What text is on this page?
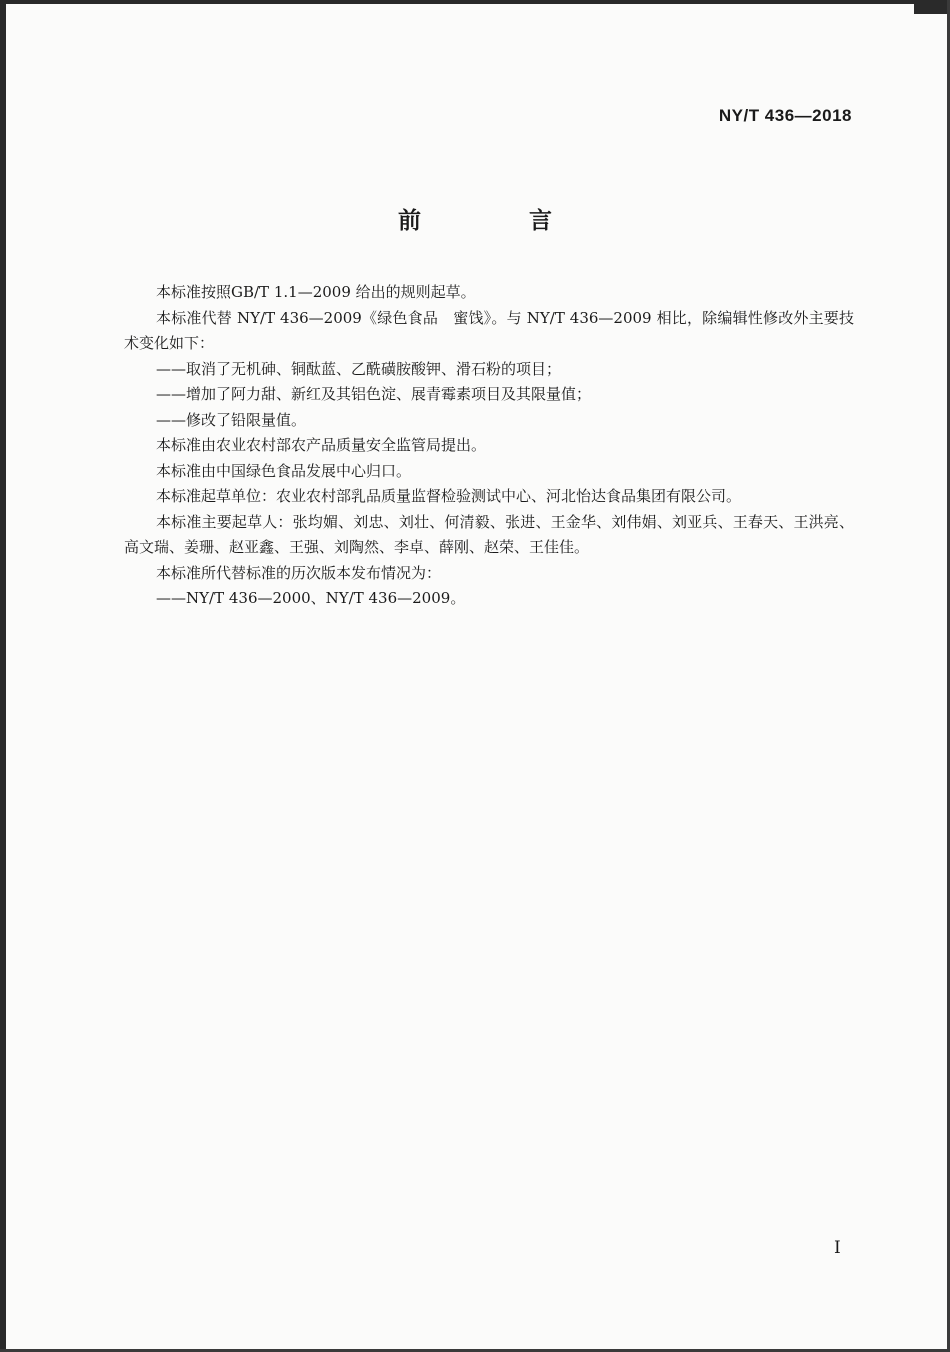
NY/T 436—2018
前 言

本标准按照GB/T 1.1—2009 给出的规则起草。

本标准代替 NY/T 436—2009《绿色食品　蜜饯》。与 NY/T 436—2009 相比，除编辑性修改外主要技术变化如下：

——取消了无机砷、铜酞蓝、乙酰磺胺酸钾、滑石粉的项目；

——增加了阿力甜、新红及其铝色淀、展青霉素项目及其限量值；

——修改了铅限量值。

本标准由农业农村部农产品质量安全监管局提出。

本标准由中国绿色食品发展中心归口。

本标准起草单位：农业农村部乳品质量监督检验测试中心、河北怡达食品集团有限公司。

本标准主要起草人：张均媚、刘忠、刘壮、何清毅、张进、王金华、刘伟娟、刘亚兵、王春天、王洪亮、高文瑞、姜珊、赵亚鑫、王强、刘陶然、李卓、薛刚、赵荣、王佳佳。

本标准所代替标准的历次版本发布情况为：

——NY/T 436—2000、NY/T 436—2009。

I
